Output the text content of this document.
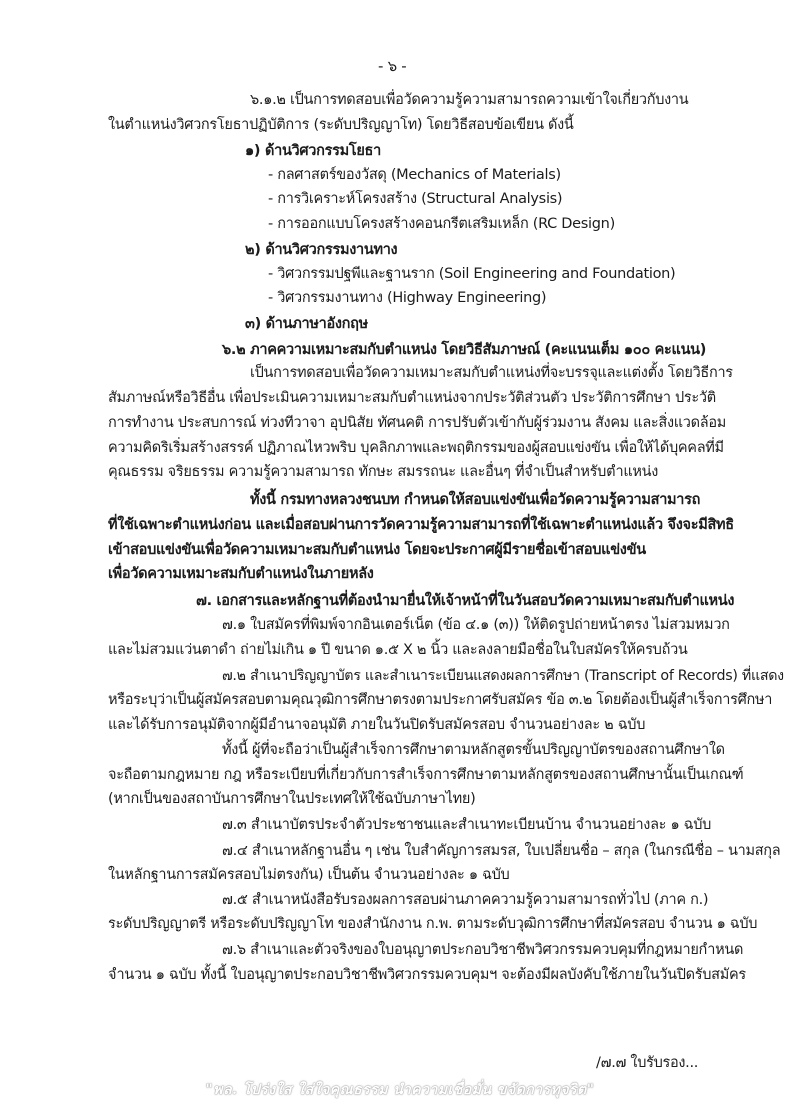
- ๖ -
๖.๑.๒ เป็นการทดสอบเพื่อวัดความรู้ความสามารถความเข้าใจเกี่ยวกับงาน
ในตำแหน่งวิศวกรโยธาปฏิบัติการ (ระดับปริญญาโท) โดยวิธีสอบข้อเขียน ดังนี้
๑) ด้านวิศวกรรมโยธา
- กลศาสตร์ของวัสดุ (Mechanics of Materials)
- การวิเคราะห์โครงสร้าง (Structural Analysis)
- การออกแบบโครงสร้างคอนกรีตเสริมเหล็ก (RC Design)
๒) ด้านวิศวกรรมงานทาง
- วิศวกรรมปฐพีและฐานราก (Soil Engineering and Foundation)
- วิศวกรรมงานทาง (Highway Engineering)
๓) ด้านภาษาอังกฤษ
๖.๒ ภาคความเหมาะสมกับตำแหน่ง โดยวิธีสัมภาษณ์ (คะแนนเต็ม ๑๐๐ คะแนน)
เป็นการทดสอบเพื่อวัดความเหมาะสมกับตำแหน่งที่จะบรรจุและแต่งตั้ง โดยวิธีการ
สัมภาษณ์หรือวิธีอื่น เพื่อประเมินความเหมาะสมกับตำแหน่งจากประวัติส่วนตัว ประวัติการศึกษา ประวัติ
การทำงาน ประสบการณ์ ท่วงทีวาจา อุปนิสัย ทัศนคติ การปรับตัวเข้ากับผู้ร่วมงาน สังคม และสิ่งแวดล้อม
ความคิดริเริ่มสร้างสรรค์ ปฏิภาณไหวพริบ บุคลิกภาพและพฤติกรรมของผู้สอบแข่งขัน เพื่อให้ได้บุคคลที่มี
คุณธรรม จริยธรรม ความรู้ความสามารถ ทักษะ สมรรถนะ และอื่นๆ ที่จำเป็นสำหรับตำแหน่ง
ทั้งนี้ กรมทางหลวงชนบท กำหนดให้สอบแข่งขันเพื่อวัดความรู้ความสามารถ
ที่ใช้เฉพาะตำแหน่งก่อน และเมื่อสอบผ่านการวัดความรู้ความสามารถที่ใช้เฉพาะตำแหน่งแล้ว จึงจะมีสิทธิ
เข้าสอบแข่งขันเพื่อวัดความเหมาะสมกับตำแหน่ง โดยจะประกาศผู้มีรายชื่อเข้าสอบแข่งขัน
เพื่อวัดความเหมาะสมกับตำแหน่งในภายหลัง
๗. เอกสารและหลักฐานที่ต้องนำมายื่นให้เจ้าหน้าที่ในวันสอบวัดความเหมาะสมกับตำแหน่ง
๗.๑ ใบสมัครที่พิมพ์จากอินเตอร์เน็ต (ข้อ ๔.๑ (๓)) ให้ติดรูปถ่ายหน้าตรง ไม่สวมหมวก
และไม่สวมแว่นตาดำ ถ่ายไม่เกิน ๑ ปี ขนาด ๑.๕ X ๒ นิ้ว และลงลายมือชื่อในใบสมัครให้ครบถ้วน
๗.๒ สำเนาปริญญาบัตร และสำเนาระเบียนแสดงผลการศึกษา (Transcript of Records) ที่แสดง
หรือระบุว่าเป็นผู้สมัครสอบตามคุณวุฒิการศึกษาตรงตามประกาศรับสมัคร ข้อ ๓.๒ โดยต้องเป็นผู้สำเร็จการศึกษา
และได้รับการอนุมัติจากผู้มีอำนาจอนุมัติ ภายในวันปิดรับสมัครสอบ จำนวนอย่างละ ๒ ฉบับ
ทั้งนี้ ผู้ที่จะถือว่าเป็นผู้สำเร็จการศึกษาตามหลักสูตรขั้นปริญญาบัตรของสถานศึกษาใด
จะถือตามกฎหมาย กฎ หรือระเบียบที่เกี่ยวกับการสำเร็จการศึกษาตามหลักสูตรของสถานศึกษานั้นเป็นเกณฑ์
(หากเป็นของสถาบันการศึกษาในประเทศให้ใช้ฉบับภาษาไทย)
๗.๓ สำเนาบัตรประจำตัวประชาชนและสำเนาทะเบียนบ้าน จำนวนอย่างละ ๑ ฉบับ
๗.๔ สำเนาหลักฐานอื่น ๆ เช่น ใบสำคัญการสมรส, ใบเปลี่ยนชื่อ – สกุล (ในกรณีชื่อ – นามสกุล
ในหลักฐานการสมัครสอบไม่ตรงกัน) เป็นต้น จำนวนอย่างละ ๑ ฉบับ
๗.๕ สำเนาหนังสือรับรองผลการสอบผ่านภาคความรู้ความสามารถทั่วไป (ภาค ก.)
ระดับปริญญาตรี หรือระดับปริญญาโท ของสำนักงาน ก.พ. ตามระดับวุฒิการศึกษาที่สมัครสอบ จำนวน ๑ ฉบับ
๗.๖ สำเนาและตัวจริงของใบอนุญาตประกอบวิชาชีพวิศวกรรมควบคุมที่กฎหมายกำหนด
จำนวน ๑ ฉบับ ทั้งนี้ ใบอนุญาตประกอบวิชาชีพวิศวกรรมควบคุมฯ จะต้องมีผลบังคับใช้ภายในวันปิดรับสมัคร
/๗.๗ ใบรับรอง...
"พล. โปร่งใส ใส่ใจคุณธรรม นำความเชื่อมั่น ขจัดการทุจริต"
